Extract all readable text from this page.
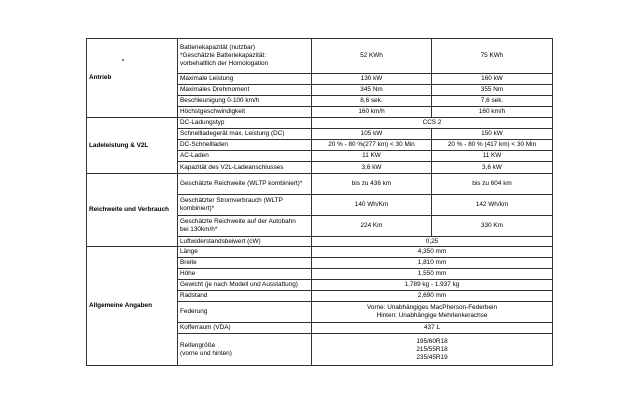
Antrieb	Batteriekapazität (nutzbar)
*Geschätzte Batteriekapazität:
vorbehaltlich der Homologation	52 KWh	75 KWh

	Maximale Leistung	130 kW	160 kW

	Maximales Drehmoment	345 Nm	355 Nm

	Beschleunigung 0-100 km/h	8,6 sek.	7,6 sek.

	Höchstgeschwindigkeit	160 km/h	160 km/h
Ladeleistung & V2L	DC-Ladungstyp	CCS 2	

	Schnellladegerät max. Leistung (DC)	105 kW	150 kW

	DC-Schnellladen	20 % - 80 %(277 km) < 30 Min	20 % - 80 % (417 km) < 30 Min

	AC-Laden	11 KW	11 KW

	Kapazität des V2L-Ladeanschlusses	3,6 kW	3,6 kW
Reichweite und Verbrauch	Geschätzte Reichweite (WLTP kombiniert)*	bis zu 436 km	bis zu 604 km

	Geschätzter Stromverbrauch (WLTP
kombiniert)*	140 Wh/Km	142 Wh/km

	Geschätzte Reichweite auf der Autobahn
bei 130km/h*	224 Km	330 Km

	Luftwiderstandsbeiwert (cW)	0,25	
Allgemeine Angaben	Länge	4,350 mm	

	Breite	1,810 mm	

	Höhe	1,550 mm	

	Gewicht (je nach Modell und Ausstattung)	1.789 kg - 1.937 kg	

	Radstand	2,690 mm	

	Federung	Vorne: Unabhängiges MacPherson-Federbein
Hinten: Unabhängige Mehrlenkerachse	

	Kofferraum (VDA)	437 L	

	Reifengröße
(vorne und hinten)	195/60R18
215/55R18
235/45R19	
